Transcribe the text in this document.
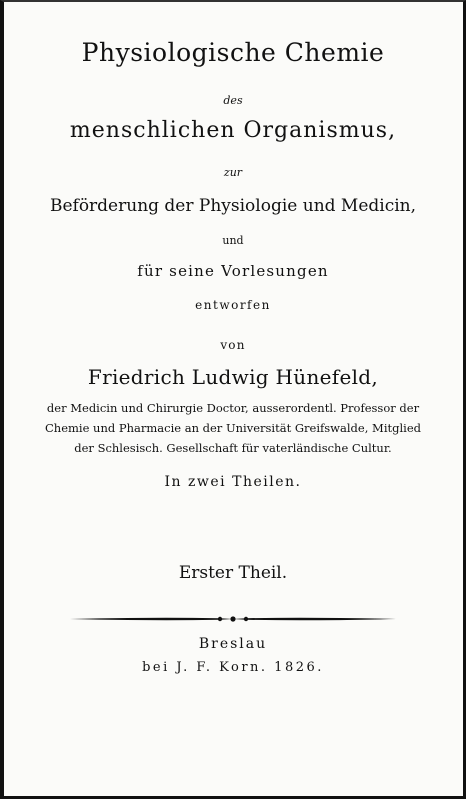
Physiologische Chemie
des
menschlichen Organismus,
zur
Beförderung der Physiologie und Medicin,
und
für seine Vorlesungen
entworfen
von
Friedrich Ludwig Hünefeld,
der Medicin und Chirurgie Doctor, ausserordentl. Professor der
Chemie und Pharmacie an der Universität Greifswalde, Mitglied
der Schlesisch. Gesellschaft für vaterländische Cultur.
In zwei Theilen.
Erster Theil.
Breslau
bei J. F. Korn. 1826.
